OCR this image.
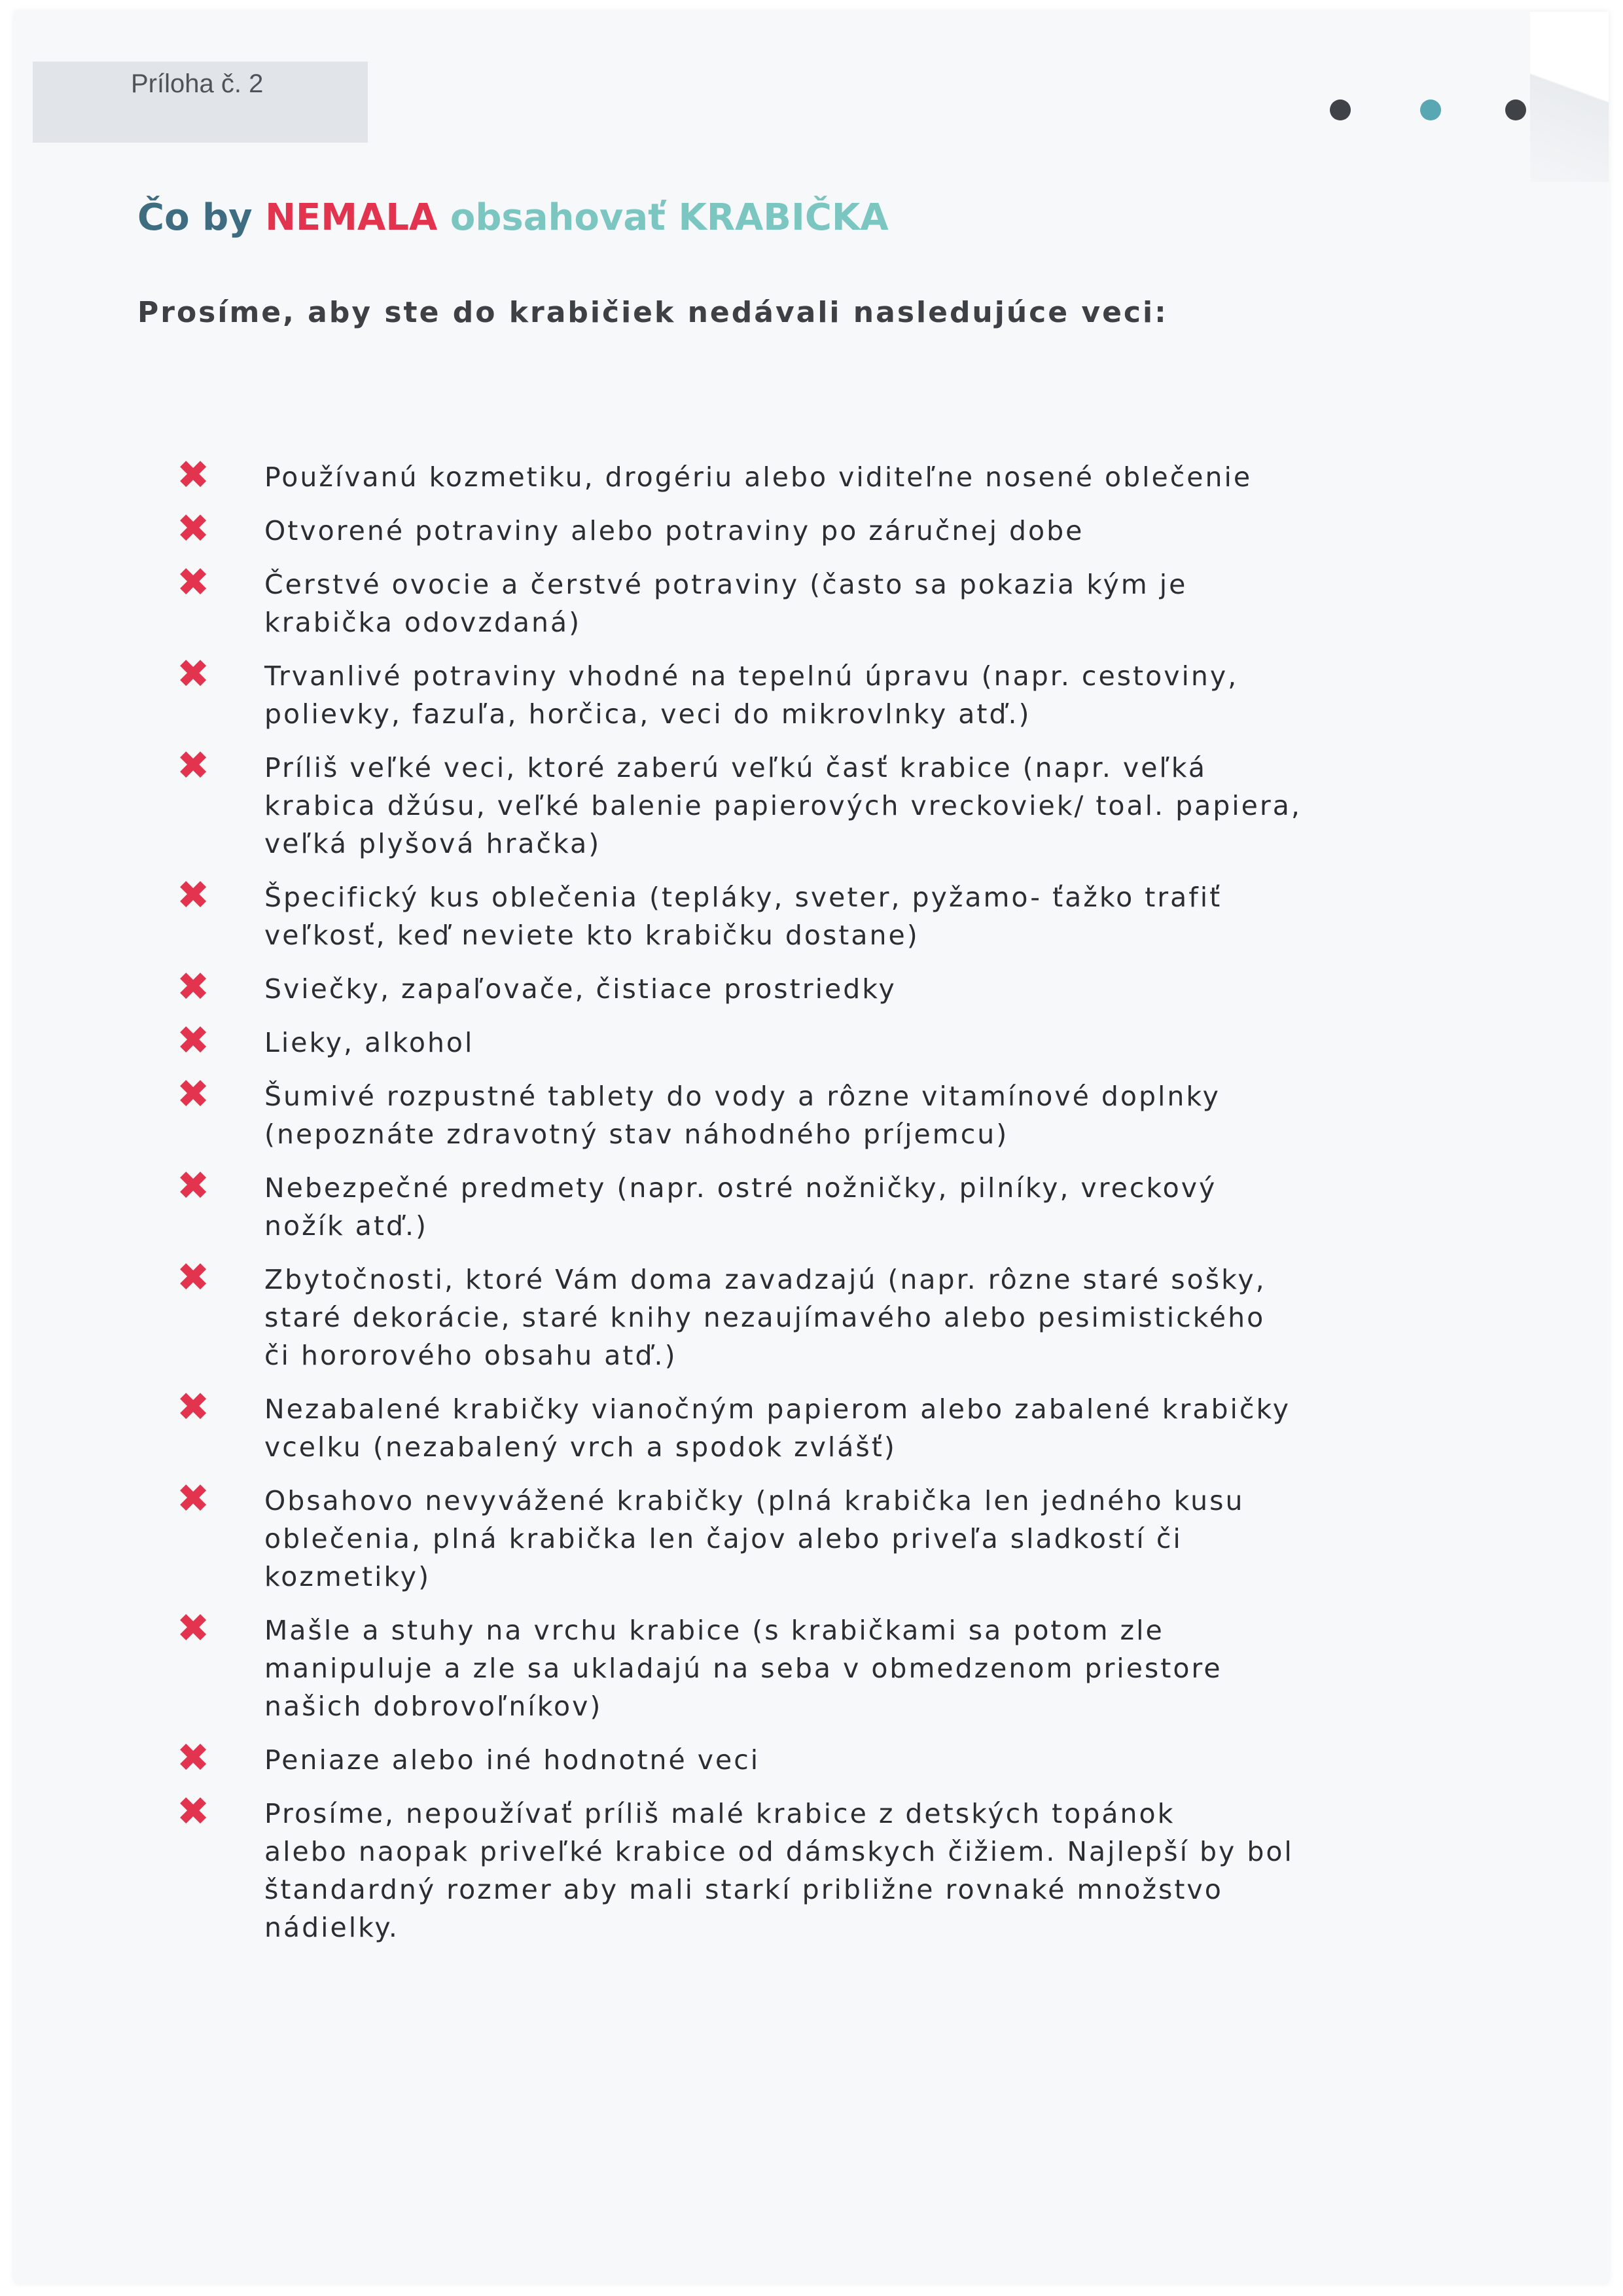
Príloha č. 2
Čo by NEMALA obsahovať KRABIČKA
Prosíme, aby ste do krabičiek nedávali nasledujúce veci:
✖ Používanú kozmetiku, drogériu alebo viditeľne nosené oblečenie
✖ Otvorené potraviny alebo potraviny po záručnej dobe
✖ Čerstvé ovocie a čerstvé potraviny (často sa pokazia kým je
krabička odovzdaná)
✖ Trvanlivé potraviny vhodné na tepelnú úpravu (napr. cestoviny,
polievky, fazuľa, horčica, veci do mikrovlnky atď.)
✖ Príliš veľké veci, ktoré zaberú veľkú časť krabice (napr. veľká
krabica džúsu, veľké balenie papierových vreckoviek/ toal. papiera,
veľká plyšová hračka)
✖ Špecifický kus oblečenia (tepláky, sveter, pyžamo- ťažko trafiť
veľkosť, keď neviete kto krabičku dostane)
✖ Sviečky, zapaľovače, čistiace prostriedky
✖ Lieky, alkohol
✖ Šumivé rozpustné tablety do vody a rôzne vitamínové doplnky
(nepoznáte zdravotný stav náhodného príjemcu)
✖ Nebezpečné predmety (napr. ostré nožničky, pilníky, vreckový
nožík atď.)
✖ Zbytočnosti, ktoré Vám doma zavadzajú (napr. rôzne staré sošky,
staré dekorácie, staré knihy nezaujímavého alebo pesimistického
či hororového obsahu atď.)
✖ Nezabalené krabičky vianočným papierom alebo zabalené krabičky
vcelku (nezabalený vrch a spodok zvlášť)
✖ Obsahovo nevyvážené krabičky (plná krabička len jedného kusu
oblečenia, plná krabička len čajov alebo priveľa sladkostí či
kozmetiky)
✖ Mašle a stuhy na vrchu krabice (s krabičkami sa potom zle
manipuluje a zle sa ukladajú na seba v obmedzenom priestore
našich dobrovoľníkov)
✖ Peniaze alebo iné hodnotné veci
✖ Prosíme, nepoužívať príliš malé krabice z detských topánok
alebo naopak priveľké krabice od dámskych čižiem. Najlepší by bol
štandardný rozmer aby mali starkí približne rovnaké množstvo
nádielky.
